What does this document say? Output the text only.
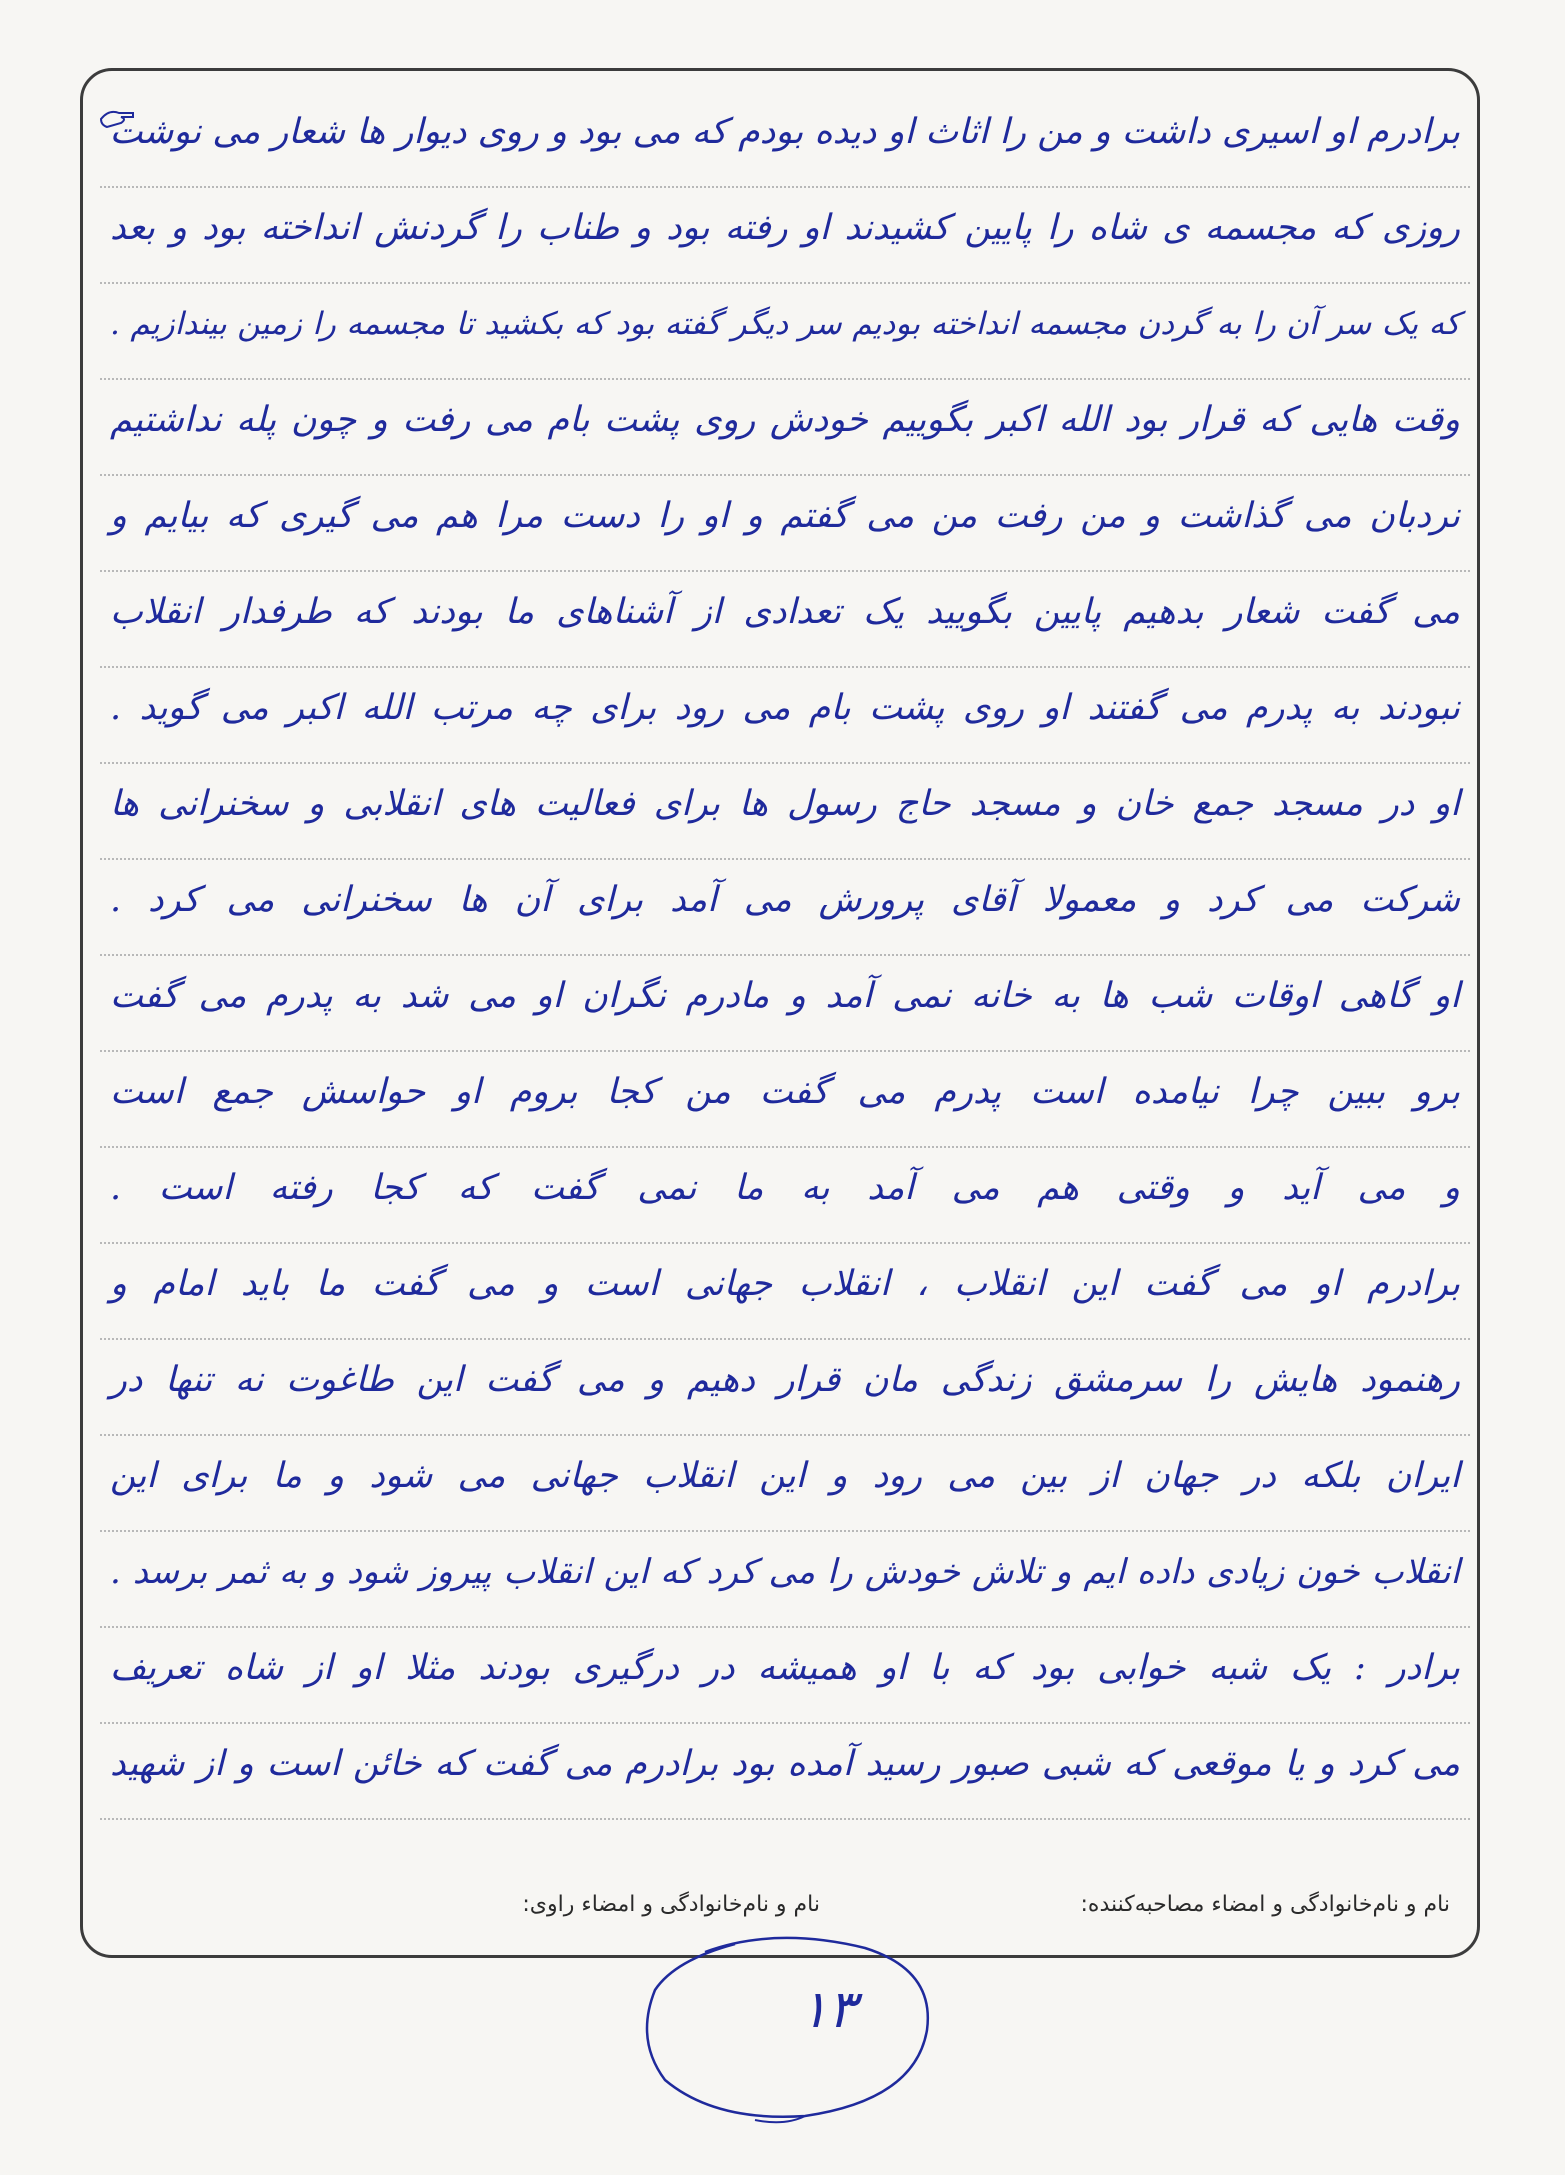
برادرم او اسیری داشت و من را اثاث او دیده بودم که می بود و روی دیوار ها شعار می نوشت
روزی که مجسمه ی شاه را پایین کشیدند او رفته بود و طناب را گردنش انداخته بود و بعد
که یک سر آن را به گردن مجسمه انداخته بودیم سر دیگر گفته بود که بکشید تا مجسمه را زمین بیندازیم .
وقت هایی که قرار بود الله اکبر بگوییم خودش روی پشت بام می رفت و چون پله نداشتیم
نردبان می گذاشت و من رفت من می گفتم و او را دست مرا هم می گیری که بیایم و
می گفت شعار بدهیم پایین بگویید یک تعدادی از آشناهای ما بودند که طرفدار انقلاب
نبودند به پدرم می گفتند او روی پشت بام می رود برای چه مرتب الله اکبر می گوید .
او در مسجد جمع خان و مسجد حاج رسول ها برای فعالیت های انقلابی و سخنرانی ها
شرکت می کرد و معمولا آقای پرورش می آمد برای آن ها سخنرانی می کرد .
او گاهی اوقات شب ها به خانه نمی آمد و مادرم نگران او می شد به پدرم می گفت
برو ببین چرا نیامده است پدرم می گفت من کجا بروم او حواسش جمع است
و می آید و وقتی هم می آمد به ما نمی گفت که کجا رفته است .
برادرم او می گفت این انقلاب ، انقلاب جهانی است و می گفت ما باید امام و
رهنمود هایش را سرمشق زندگی مان قرار دهیم و می گفت این طاغوت نه تنها در
ایران بلکه در جهان از بین می رود و این انقلاب جهانی می شود و ما برای این
انقلاب خون زیادی داده ایم و تلاش خودش را می کرد که این انقلاب پیروز شود و به ثمر برسد .
برادر : یک شبه خوابی بود که با او همیشه در درگیری بودند مثلا او از شاه تعریف
می کرد و یا موقعی که شبی صبور رسید آمده بود برادرم می گفت که خائن است و از شهید
نام و نام‌خانوادگی و امضاء مصاحبه‌کننده:
نام و نام‌خانوادگی و امضاء راوی:
۱۳
